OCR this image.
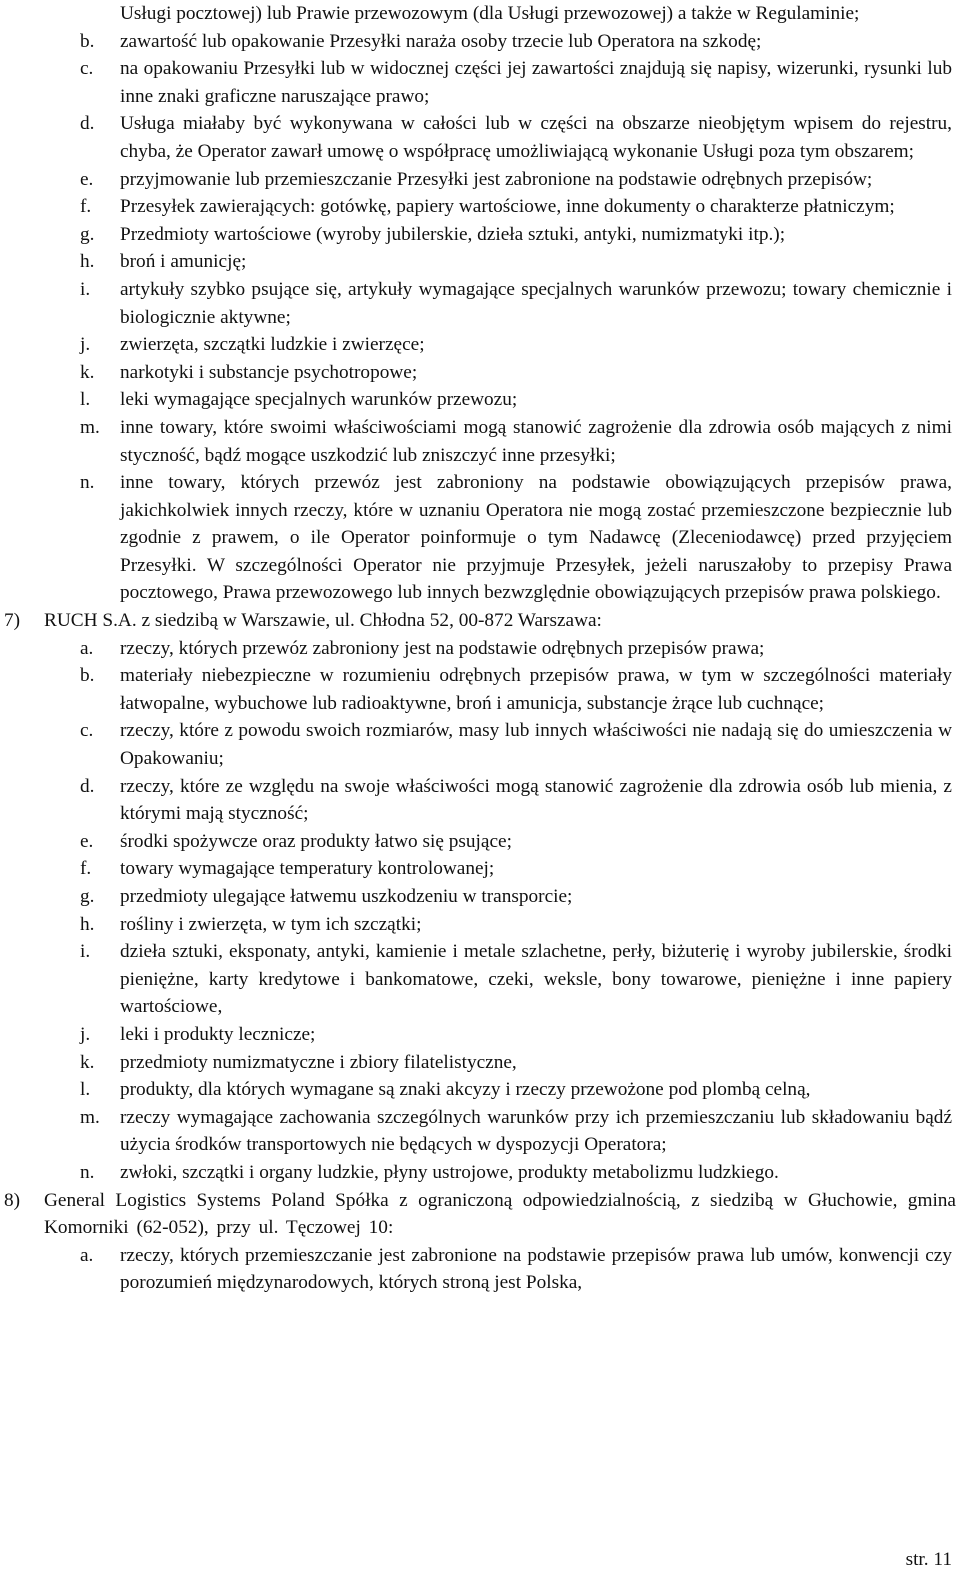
Usługi pocztowej) lub Prawie przewozowym (dla Usługi przewozowej) a także w Regulaminie;
b.	zawartość lub opakowanie Przesyłki naraża osoby trzecie lub Operatora na szkodę;
c.	na opakowaniu Przesyłki lub w widocznej części jej zawartości znajdują się napisy, wizerunki, rysunki lub inne znaki graficzne naruszające prawo;
d.	Usługa miałaby być wykonywana w całości lub w części na obszarze nieobjętym wpisem do rejestru, chyba, że Operator zawarł umowę o współpracę umożliwiającą wykonanie Usługi poza tym obszarem;
e.	przyjmowanie lub przemieszczanie Przesyłki jest zabronione na podstawie odrębnych przepisów;
f.	Przesyłek zawierających: gotówkę, papiery wartościowe, inne dokumenty o charakterze płatniczym;
g.	Przedmioty wartościowe (wyroby jubilerskie, dzieła sztuki, antyki, numizmatyki itp.);
h.	broń i amunicję;
i.	artykuły szybko psujące się, artykuły wymagające specjalnych warunków przewozu; towary chemicznie i biologicznie aktywne;
j.	zwierzęta, szczątki ludzkie i zwierzęce;
k.	narkotyki i substancje psychotropowe;
l.	leki wymagające specjalnych warunków przewozu;
m.	inne towary, które swoimi właściwościami mogą stanowić zagrożenie dla zdrowia osób mających z nimi styczność, bądź mogące uszkodzić lub zniszczyć inne przesyłki;
n.	inne towary, których przewóz jest zabroniony na podstawie obowiązujących przepisów prawa, jakichkolwiek innych rzeczy, które w uznaniu Operatora nie mogą zostać przemieszczone bezpiecznie lub zgodnie z prawem, o ile Operator poinformuje o tym Nadawcę (Zleceniodawcę) przed przyjęciem Przesyłki. W szczególności Operator nie przyjmuje Przesyłek, jeżeli naruszałoby to przepisy Prawa pocztowego, Prawa przewozowego lub innych bezwzględnie obowiązujących przepisów prawa polskiego.
7)	RUCH S.A. z siedzibą w Warszawie, ul. Chłodna 52, 00-872 Warszawa:
a.	rzeczy, których przewóz zabroniony jest na podstawie odrębnych przepisów prawa;
b.	materiały niebezpieczne w rozumieniu odrębnych przepisów prawa, w tym w szczególności materiały łatwopalne, wybuchowe lub radioaktywne, broń i amunicja, substancje żrące lub cuchnące;
c.	rzeczy, które z powodu swoich rozmiarów, masy lub innych właściwości nie nadają się do umieszczenia w Opakowaniu;
d.	rzeczy, które ze względu na swoje właściwości mogą stanowić zagrożenie dla zdrowia osób lub mienia, z którymi mają styczność;
e.	środki spożywcze oraz produkty łatwo się psujące;
f.	towary wymagające temperatury kontrolowanej;
g.	przedmioty ulegające łatwemu uszkodzeniu w transporcie;
h.	rośliny i zwierzęta, w tym ich szczątki;
i.	dzieła sztuki, eksponaty, antyki, kamienie i metale szlachetne, perły, biżuterię i wyroby jubilerskie, środki pieniężne, karty kredytowe i bankomatowe, czeki, weksle, bony towarowe, pieniężne i inne papiery wartościowe,
j.	leki i produkty lecznicze;
k.	przedmioty numizmatyczne i zbiory filatelistyczne,
l.	produkty, dla których wymagane są znaki akcyzy i rzeczy przewożone pod plombą celną,
m.	rzeczy wymagające zachowania szczególnych warunków przy ich przemieszczaniu lub składowaniu bądź użycia środków transportowych nie będących w dyspozycji Operatora;
n.	zwłoki, szczątki i organy ludzkie, płyny ustrojowe, produkty metabolizmu ludzkiego.
8)	General Logistics Systems Poland Spółka z ograniczoną odpowiedzialnością, z siedzibą w Głuchowie, gmina Komorniki (62-052), przy ul. Tęczowej 10:
a.	rzeczy, których przemieszczanie jest zabronione na podstawie przepisów prawa lub umów, konwencji czy porozumień międzynarodowych, których stroną jest Polska,
str. 11
